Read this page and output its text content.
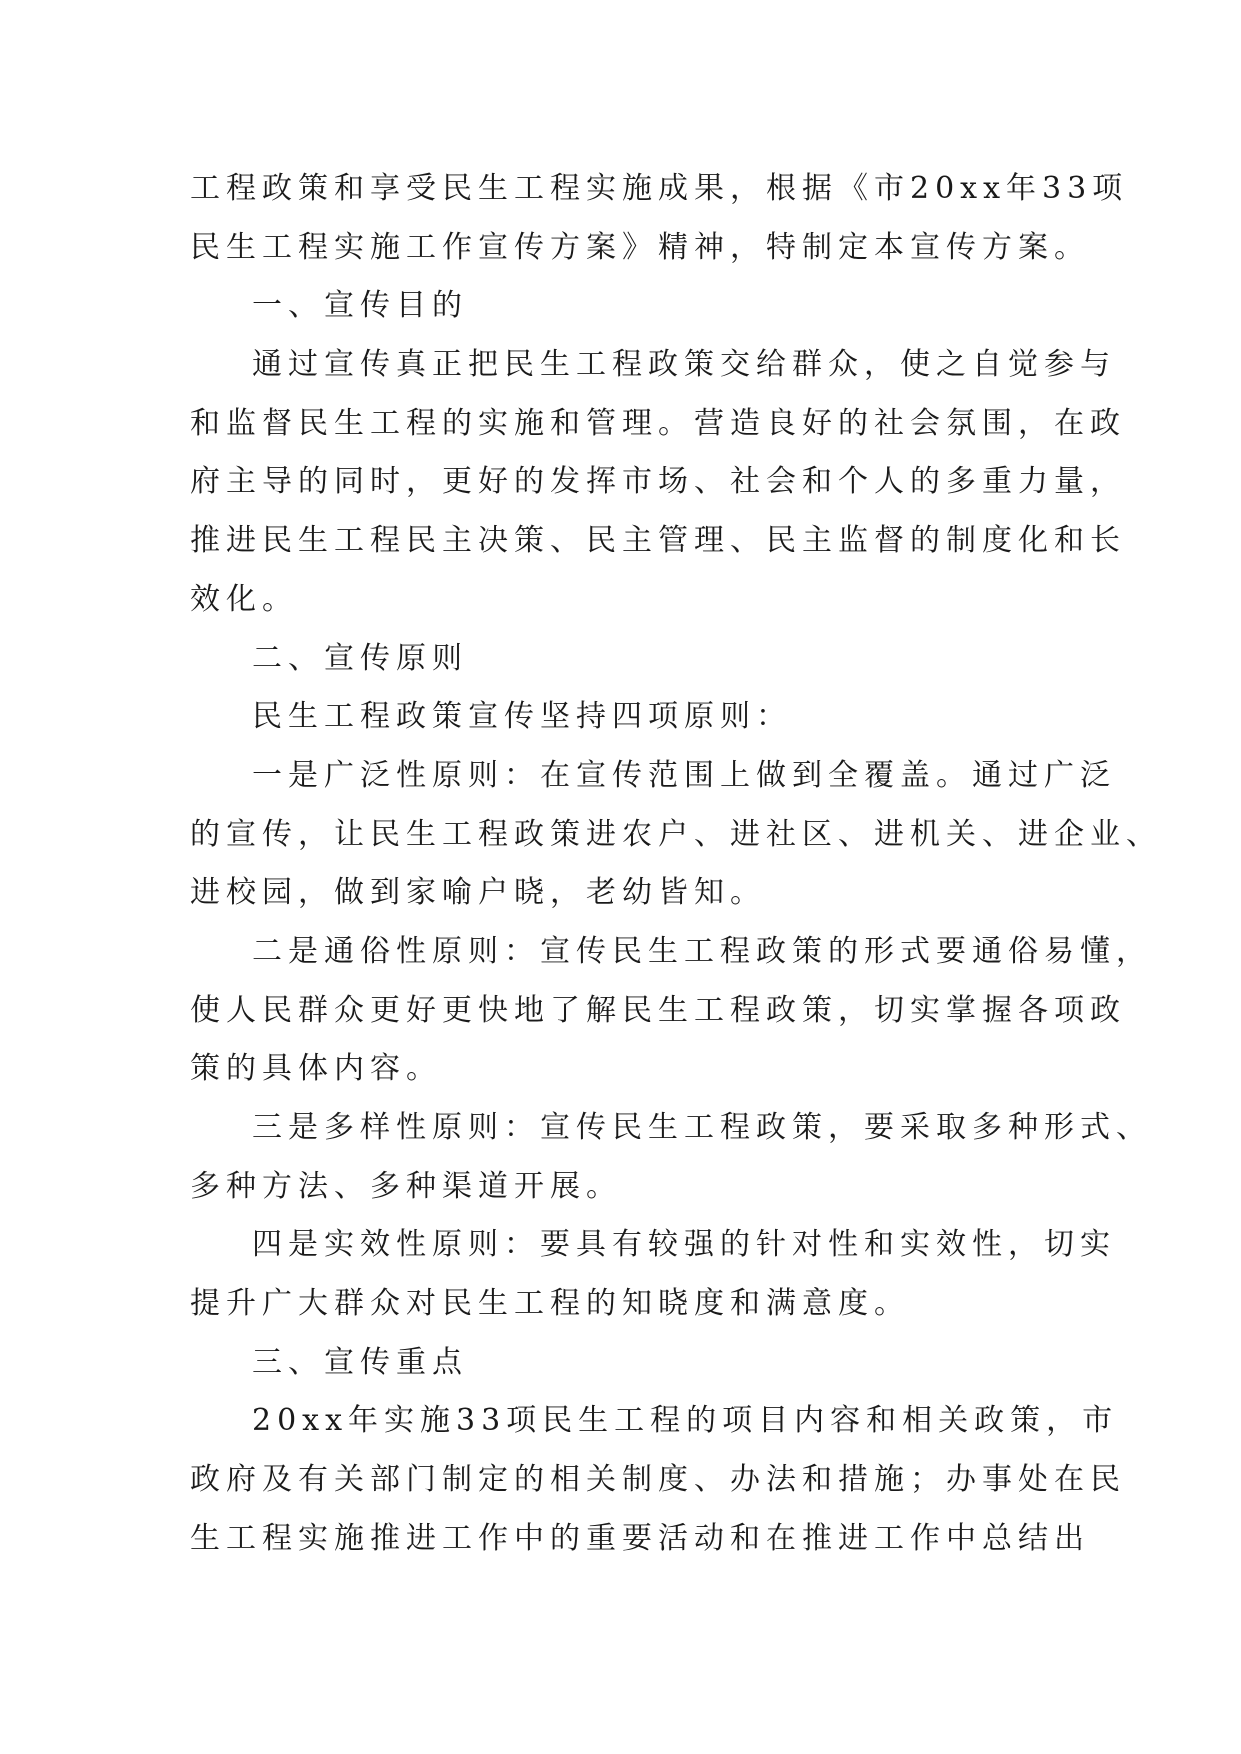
工程政策和享受民生工程实施成果，根据《市20xx年33项
民生工程实施工作宣传方案》精神，特制定本宣传方案。
一、宣传目的
通过宣传真正把民生工程政策交给群众，使之自觉参与
和监督民生工程的实施和管理。营造良好的社会氛围，在政
府主导的同时，更好的发挥市场、社会和个人的多重力量，
推进民生工程民主决策、民主管理、民主监督的制度化和长
效化。
二、宣传原则
民生工程政策宣传坚持四项原则：
一是广泛性原则：在宣传范围上做到全覆盖。通过广泛
的宣传，让民生工程政策进农户、进社区、进机关、进企业、
进校园，做到家喻户晓，老幼皆知。
二是通俗性原则：宣传民生工程政策的形式要通俗易懂，
使人民群众更好更快地了解民生工程政策，切实掌握各项政
策的具体内容。
三是多样性原则：宣传民生工程政策，要采取多种形式、
多种方法、多种渠道开展。
四是实效性原则：要具有较强的针对性和实效性，切实
提升广大群众对民生工程的知晓度和满意度。
三、宣传重点
20xx年实施33项民生工程的项目内容和相关政策，市
政府及有关部门制定的相关制度、办法和措施；办事处在民
生工程实施推进工作中的重要活动和在推进工作中总结出
